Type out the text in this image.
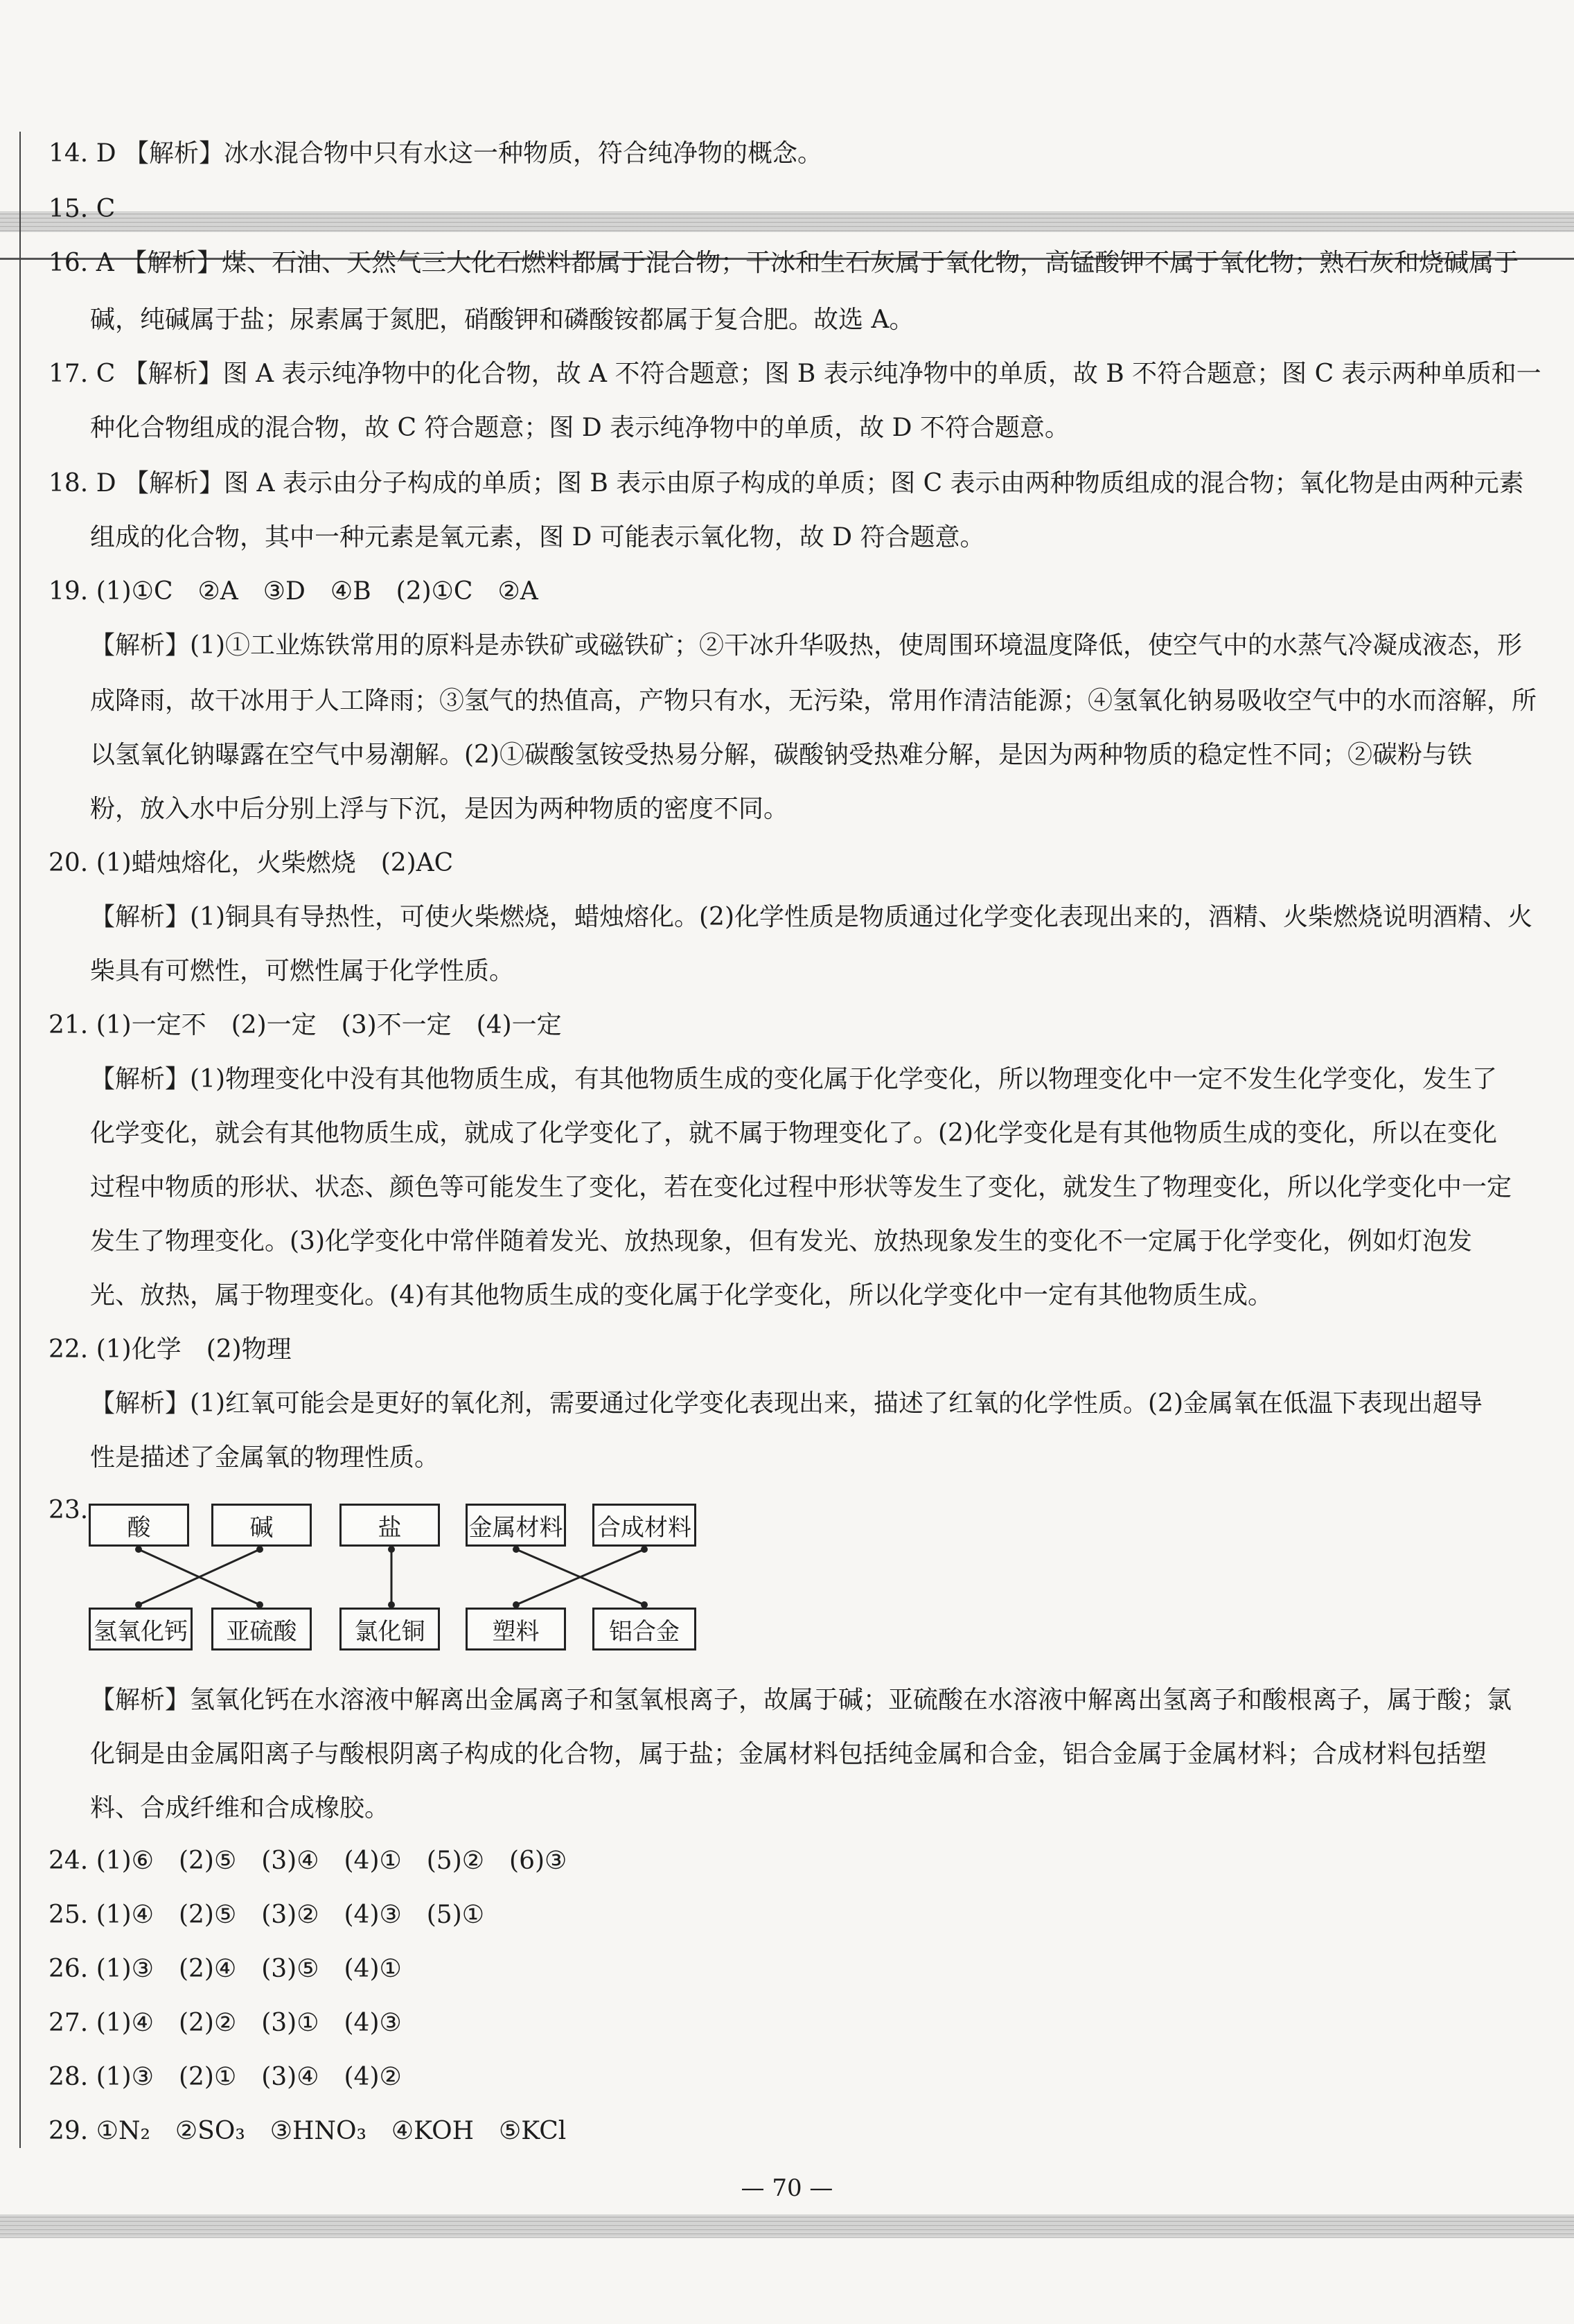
14. D 【解析】冰水混合物中只有水这一种物质，符合纯净物的概念。
15. C
16. A 【解析】煤、石油、天然气三大化石燃料都属于混合物；干冰和生石灰属于氧化物，高锰酸钾不属于氧化物；熟石灰和烧碱属于
碱，纯碱属于盐；尿素属于氮肥，硝酸钾和磷酸铵都属于复合肥。故选 A。
17. C 【解析】图 A 表示纯净物中的化合物，故 A 不符合题意；图 B 表示纯净物中的单质，故 B 不符合题意；图 C 表示两种单质和一
种化合物组成的混合物，故 C 符合题意；图 D 表示纯净物中的单质，故 D 不符合题意。
18. D 【解析】图 A 表示由分子构成的单质；图 B 表示由原子构成的单质；图 C 表示由两种物质组成的混合物；氧化物是由两种元素
组成的化合物，其中一种元素是氧元素，图 D 可能表示氧化物，故 D 符合题意。
19. (1)①C　②A　③D　④B　(2)①C　②A
【解析】(1)①工业炼铁常用的原料是赤铁矿或磁铁矿；②干冰升华吸热，使周围环境温度降低，使空气中的水蒸气冷凝成液态，形
成降雨，故干冰用于人工降雨；③氢气的热值高，产物只有水，无污染，常用作清洁能源；④氢氧化钠易吸收空气中的水而溶解，所
以氢氧化钠曝露在空气中易潮解。(2)①碳酸氢铵受热易分解，碳酸钠受热难分解，是因为两种物质的稳定性不同；②碳粉与铁
粉，放入水中后分别上浮与下沉，是因为两种物质的密度不同。
20. (1)蜡烛熔化，火柴燃烧　(2)AC
【解析】(1)铜具有导热性，可使火柴燃烧，蜡烛熔化。(2)化学性质是物质通过化学变化表现出来的，酒精、火柴燃烧说明酒精、火
柴具有可燃性，可燃性属于化学性质。
21. (1)一定不　(2)一定　(3)不一定　(4)一定
【解析】(1)物理变化中没有其他物质生成，有其他物质生成的变化属于化学变化，所以物理变化中一定不发生化学变化，发生了
化学变化，就会有其他物质生成，就成了化学变化了，就不属于物理变化了。(2)化学变化是有其他物质生成的变化，所以在变化
过程中物质的形状、状态、颜色等可能发生了变化，若在变化过程中形状等发生了变化，就发生了物理变化，所以化学变化中一定
发生了物理变化。(3)化学变化中常伴随着发光、放热现象，但有发光、放热现象发生的变化不一定属于化学变化，例如灯泡发
光、放热，属于物理变化。(4)有其他物质生成的变化属于化学变化，所以化学变化中一定有其他物质生成。
22. (1)化学　(2)物理
【解析】(1)红氧可能会是更好的氧化剂，需要通过化学变化表现出来，描述了红氧的化学性质。(2)金属氧在低温下表现出超导
性是描述了金属氧的物理性质。
23.
酸	碱	盐	金属材料 合成材料
氢氧化钙	亚硫酸	氯化铜	塑料	铝合金
【解析】氢氧化钙在水溶液中解离出金属离子和氢氧根离子，故属于碱；亚硫酸在水溶液中解离出氢离子和酸根离子，属于酸；氯
化铜是由金属阳离子与酸根阴离子构成的化合物，属于盐；金属材料包括纯金属和合金，铝合金属于金属材料；合成材料包括塑
料、合成纤维和合成橡胶。
24. (1)⑥　(2)⑤　(3)④　(4)①　(5)②　(6)③
25. (1)④　(2)⑤　(3)②　(4)③　(5)①
26. (1)③　(2)④　(3)⑤　(4)①
27. (1)④　(2)②　(3)①　(4)③
28. (1)③　(2)①　(3)④　(4)②
29. ①N₂　②SO₃　③HNO₃　④KOH　⑤KCl
— 70 —
